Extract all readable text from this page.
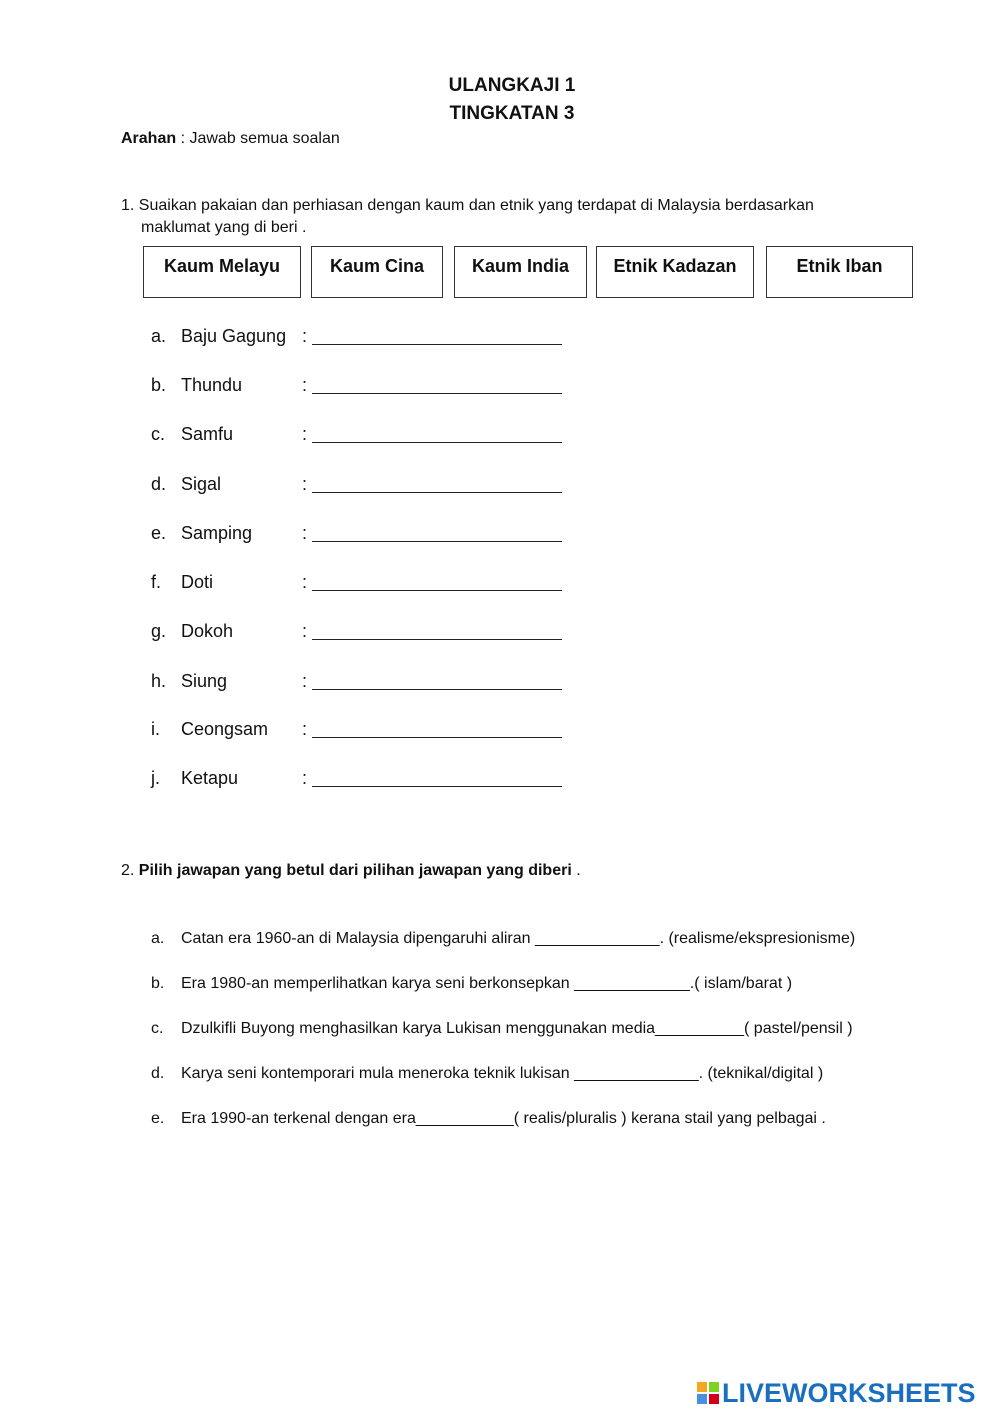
ULANGKAJI 1
TINGKATAN 3
Arahan : Jawab semua soalan
1. Suaikan pakaian dan perhiasan dengan kaum dan etnik yang terdapat di Malaysia berdasarkan
maklumat yang di beri .
Kaum Melayu	Kaum Cina	Kaum India	Etnik Kadazan	Etnik Iban
a. Baju Gagung :
b. Thundu	:
c. Samfu	:
d. Sigal	:
e. Samping	:
f.	Doti	:
g. Dokoh	:
h. Siung	:
i.	Ceongsam	:
j.	Ketapu	:
2. Pilih jawapan yang betul dari pilihan jawapan yang diberi .
a. Catan era 1960-an di Malaysia dipengaruhi aliran ______________. (realisme/ekspresionisme)
b. Era 1980-an memperlihatkan karya seni berkonsepkan _____________.( islam/barat )
c. Dzulkifli Buyong menghasilkan karya Lukisan menggunakan media__________( pastel/pensil )
d. Karya seni kontemporari mula meneroka teknik lukisan ______________. (teknikal/digital )
e. Era 1990-an terkenal dengan era___________( realis/pluralis ) kerana stail yang pelbagai .
LIVEWORKSHEETS
